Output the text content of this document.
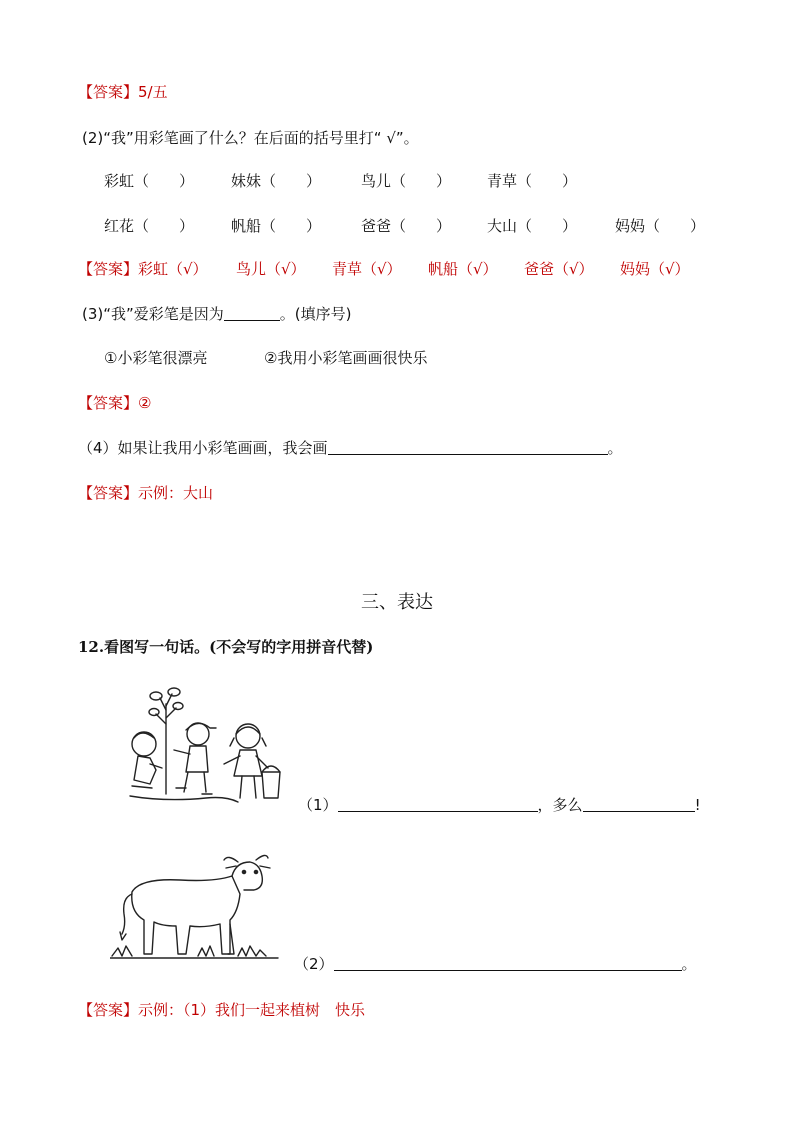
【答案】5/五
(2)“我”用彩笔画了什么？在后面的括号里打“ √”。
彩虹（　　） 妹妹（　　）	鸟儿（　　） 青草（　　）
红花（　　） 帆船（　　）	爸爸（　　） 大山（　　）	妈妈（　　）
【答案】 彩虹（√） 鸟儿（√） 青草（√） 帆船（√） 爸爸（√） 妈妈（√）
(3)“我”爱彩笔是因为	。(填序号)
①小彩笔很漂亮	②我用小彩笔画画很快乐
【答案】②
（4）如果让我用小彩笔画画，我会画	。
【答案】示例：大山
三、表达
12.看图写一句话。(不会写的字用拼音代替)
（1）	，多么	!
（2）	。
【答案】示例：（1）我们一起来植树　快乐
